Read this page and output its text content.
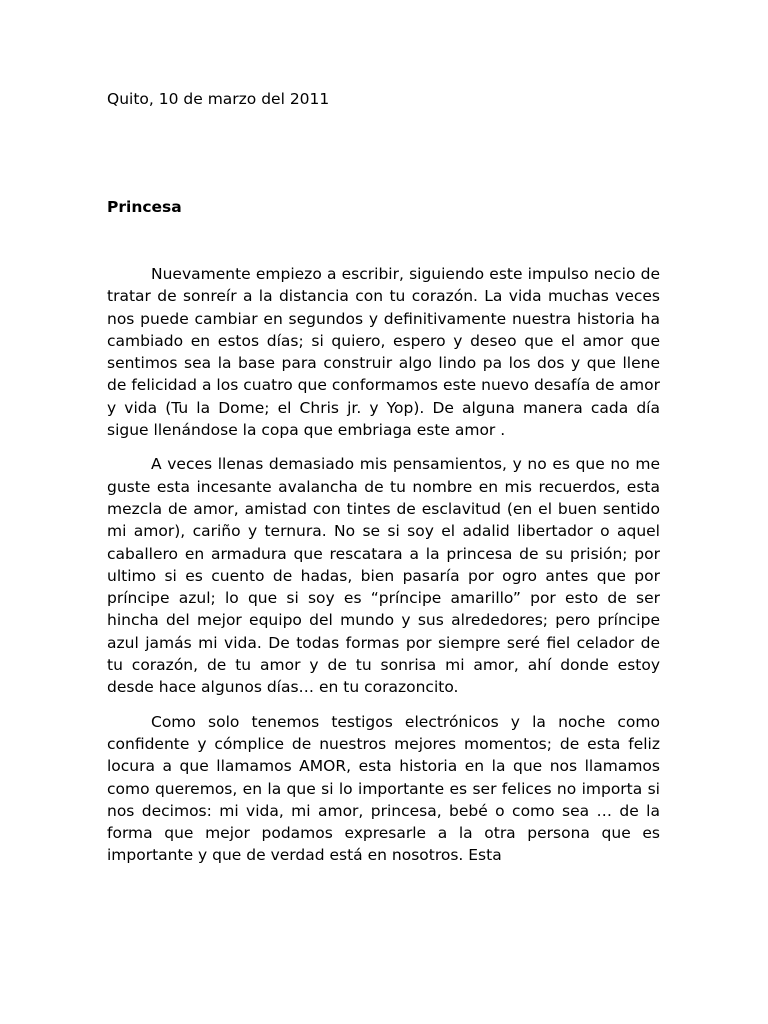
Quito, 10 de marzo del 2011

Princesa

Nuevamente empiezo a escribir, siguiendo este impulso necio de tratar de sonreír a la distancia con tu corazón. La vida muchas veces nos puede cambiar en segundos y definitivamente nuestra historia ha cambiado en estos días; si quiero, espero y deseo que el amor que sentimos sea la base para construir algo lindo pa los dos y que llene de felicidad a los cuatro que conformamos este nuevo desafía de amor y vida (Tu la Dome; el Chris jr. y Yop). De alguna manera cada día sigue llenándose la copa que embriaga este amor .

A veces llenas demasiado mis pensamientos, y no es que no me guste esta incesante avalancha de tu nombre en mis recuerdos, esta mezcla de amor, amistad con tintes de esclavitud (en el buen sentido mi amor), cariño y ternura. No se si soy el adalid libertador o aquel caballero en armadura que rescatara a la princesa de su prisión; por ultimo si es cuento de hadas, bien pasaría por ogro antes que por príncipe azul; lo que si soy es “príncipe amarillo” por esto de ser hincha del mejor equipo del mundo y sus alrededores; pero príncipe azul jamás mi vida. De todas formas por siempre seré fiel celador de tu corazón, de tu amor y de tu sonrisa mi amor, ahí donde estoy desde hace algunos días… en tu corazoncito.

Como solo tenemos testigos electrónicos y la noche como confidente y cómplice de nuestros mejores momentos; de esta feliz locura a que llamamos AMOR, esta historia en la que nos llamamos como queremos, en la que si lo importante es ser felices no importa si nos decimos: mi vida, mi amor, princesa, bebé o como sea … de la forma que mejor podamos expresarle a la otra persona que es importante y que de verdad está en nosotros. Esta
